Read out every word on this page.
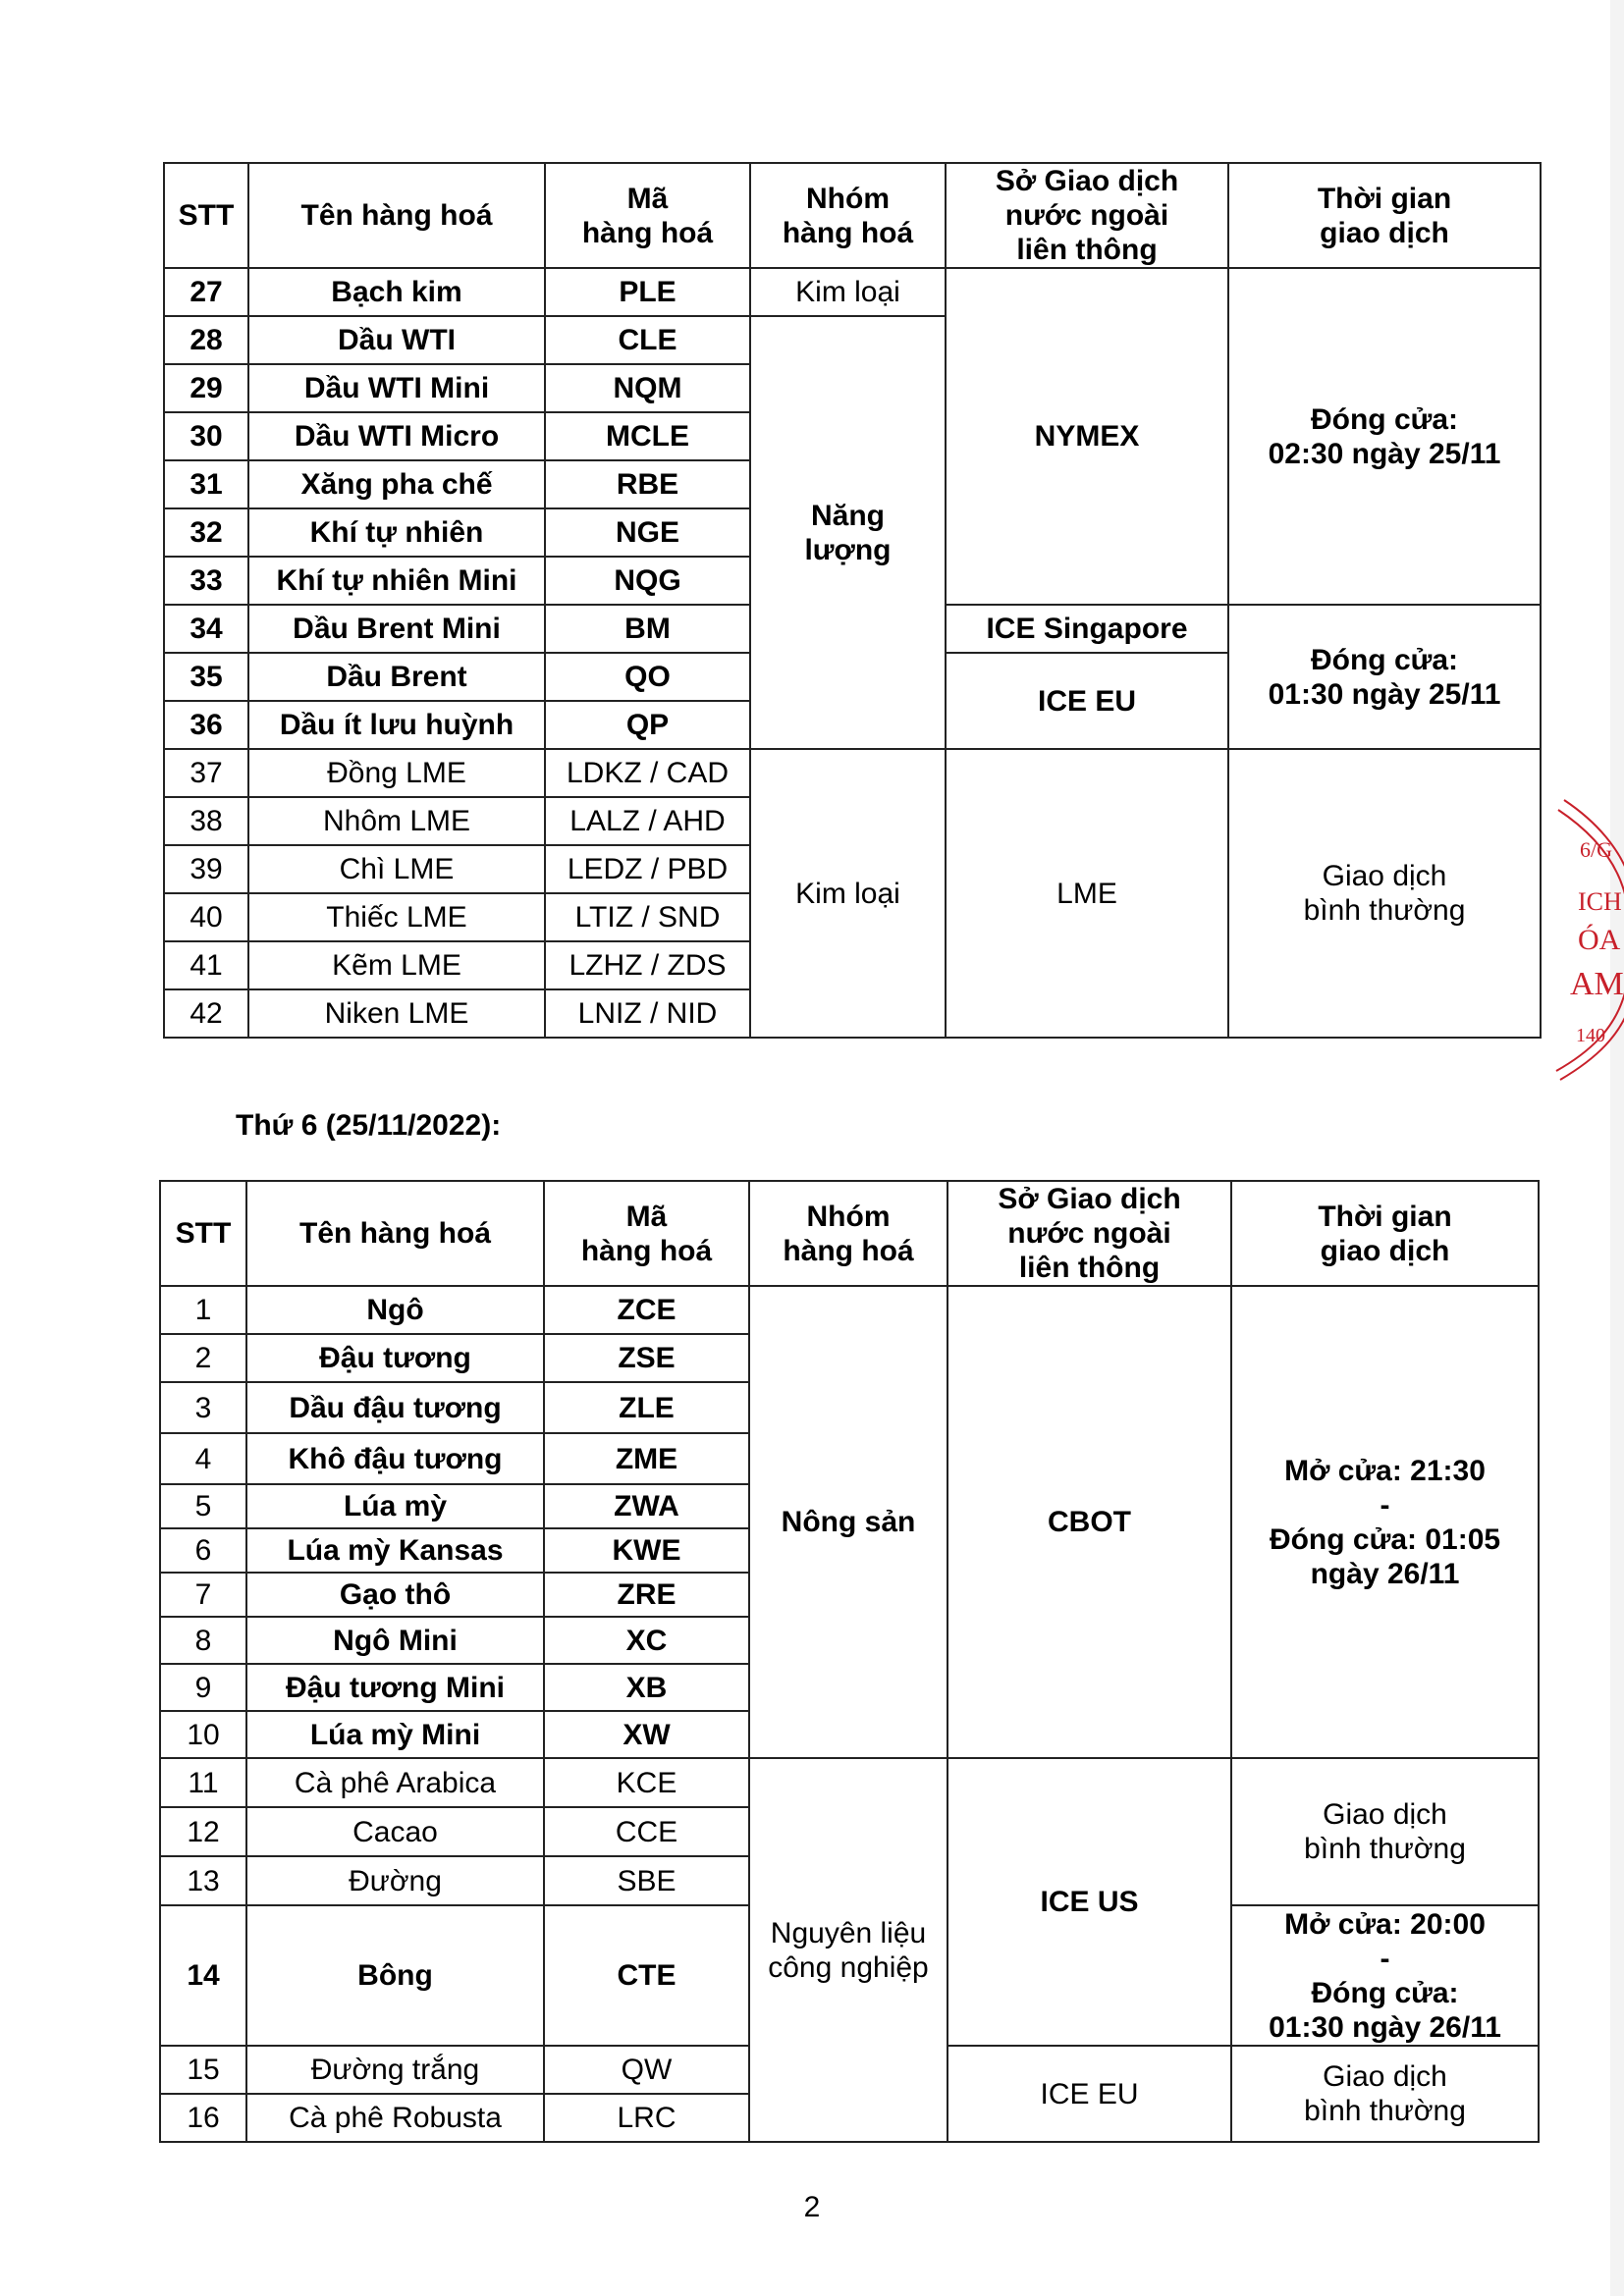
STT	Tên hàng hoá	Mã
hàng hoá	Nhóm
hàng hoá	Sở Giao dịch
nước ngoài
liên thông	Thời gian
giao dịch
27	Bạch kim	PLE	Kim loại	NYMEX	Đóng cửa:
02:30 ngày 25/11
28	Dầu WTI	CLE	Năng
lượng		
29	Dầu WTI Mini	NQM			
30	Dầu WTI Micro	MCLE			
31	Xăng pha chế	RBE			
32	Khí tự nhiên	NGE			
33	Khí tự nhiên Mini	NQG			
34	Dầu Brent Mini	BM		ICE Singapore	Đóng cửa:
01:30 ngày 25/11
35	Dầu Brent	QO		ICE EU	
36	Dầu ít lưu huỳnh	QP			
37	Đồng LME	LDKZ / CAD	Kim loại	LME	Giao dịch
bình thường
38	Nhôm LME	LALZ / AHD			
39	Chì LME	LEDZ / PBD			
40	Thiếc LME	LTIZ / SND			
41	Kẽm LME	LZHZ / ZDS			
42	Niken LME	LNIZ / NID			
6/G
ICH
ÓA
AM
140
Thứ 6 (25/11/2022):
STT	Tên hàng hoá	Mã
hàng hoá	Nhóm
hàng hoá	Sở Giao dịch
nước ngoài
liên thông	Thời gian
giao dịch
1	Ngô	ZCE	Nông sản	CBOT	Mở cửa: 21:30
-
Đóng cửa: 01:05
ngày 26/11
2	Đậu tương	ZSE			
3	Dầu đậu tương	ZLE			
4	Khô đậu tương	ZME			
5	Lúa mỳ	ZWA			
6	Lúa mỳ Kansas	KWE			
7	Gạo thô	ZRE			
8	Ngô Mini	XC			
9	Đậu tương Mini	XB			
10	Lúa mỳ Mini	XW			
11	Cà phê Arabica	KCE	Nguyên liệu
công nghiệp	ICE US	Giao dịch
bình thường
12	Cacao	CCE			
13	Đường	SBE			
14	Bông	CTE			Mở cửa: 20:00
-
Đóng cửa:
01:30 ngày 26/11
15	Đường trắng	QW		ICE EU	Giao dịch
bình thường
16	Cà phê Robusta	LRC			
2
